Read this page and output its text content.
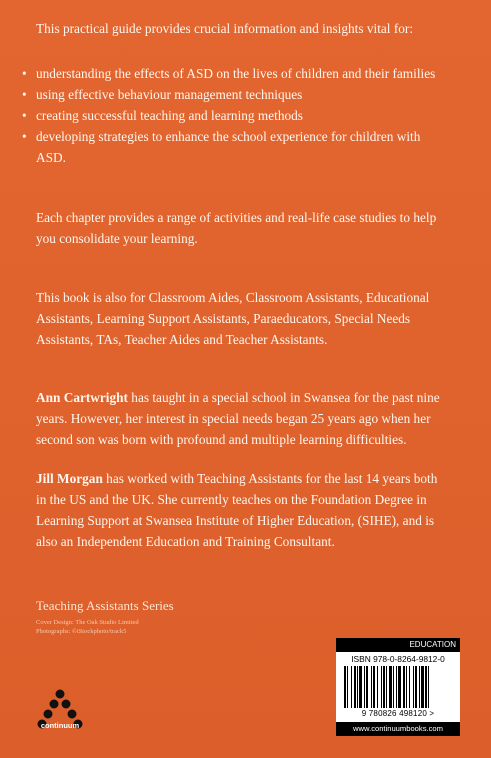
This practical guide provides crucial information and insights vital for:
• understanding the effects of ASD on the lives of children and their families
• using effective behaviour management techniques
• creating successful teaching and learning methods
• developing strategies to enhance the school experience for children with ASD.
Each chapter provides a range of activities and real-life case studies to help you consolidate your learning.
This book is also for Classroom Aides, Classroom Assistants, Educational Assistants, Learning Support Assistants, Paraeducators, Special Needs Assistants, TAs, Teacher Aides and Teacher Assistants.
Ann Cartwright has taught in a special school in Swansea for the past nine years. However, her interest in special needs began 25 years ago when her second son was born with profound and multiple learning difficulties.
Jill Morgan has worked with Teaching Assistants for the last 14 years both in the US and the UK. She currently teaches on the Foundation Degree in Learning Support at Swansea Institute of Higher Education, (SIHE), and is also an Independent Education and Training Consultant.
Teaching Assistants Series
Cover Design: The Oak Studio Limited
Photographs: ©iStockphoto/track5
continuum
EDUCATION
ISBN 978-0-8264-9812-0
9 780826 498120 >
www.continuumbooks.com
